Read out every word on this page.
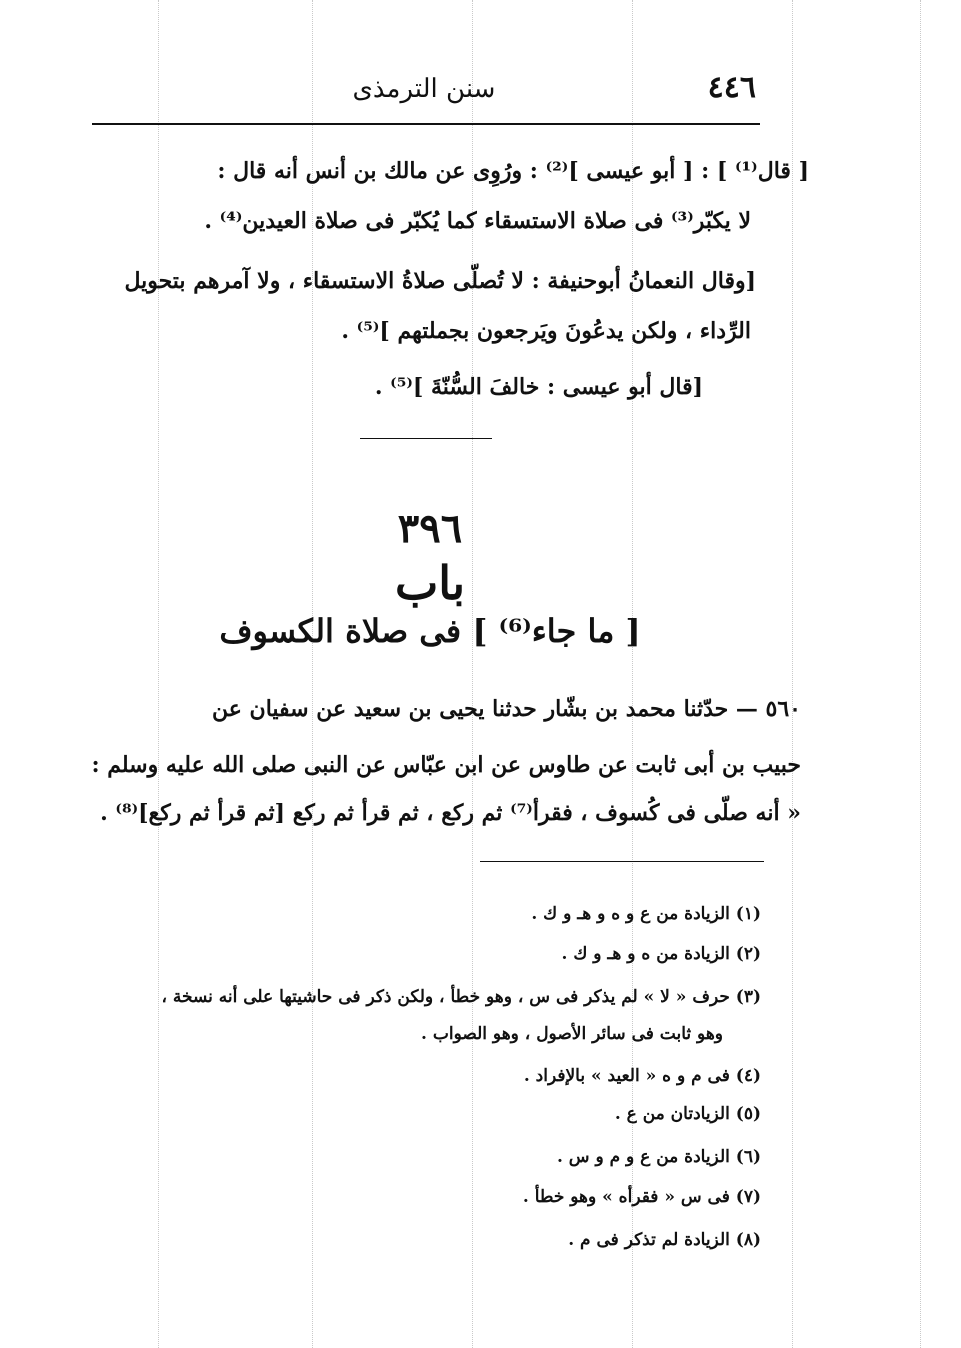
٤٤٦
سنن الترمذى
[ قال⁽¹⁾ ] : [ أبو عيسى ]⁽²⁾ : ورُوِى عن مالك بن أنس أنه قال :
لا يكبّر⁽³⁾ فى صلاة الاستسقاء كما يُكبّر فى صلاة العيدين⁽⁴⁾ .
[وقال النعمانُ أبوحنيفة : لا تُصلّى صلاةُ الاستسقاء ، ولا آمرهم بتحويل
الرِّداء ، ولكن يدعُونَ ويَرجعون بجملتهم ]⁽⁵⁾ .
[قال أبو عيسى : خالفَ السُّنّةَ ]⁽⁵⁾ .
٣٩٦
باب
[ ما جاء⁽⁶⁾ ] فى صلاة الكسوف
٥٦٠ — حدّثنا محمد بن بشّار حدثنا يحيى بن سعيد عن سفيان عن
حبيب بن أبى ثابت عن طاوس عن ابن عبّاس عن النبى صلى الله عليه وسلم :
« أنه صلّى فى كُسوف ، فقرأ⁽⁷⁾ ثم ركع ، ثم قرأ ثم ركع [ثم قرأ ثم ركع]⁽⁸⁾ .
(١) الزيادة من ع و ه و هـ و ك .
(٢) الزيادة من ه و هـ و ك .
(٣) حرف « لا » لم يذكر فى س ، وهو خطأ ، ولكن ذكر فى حاشيتها على أنه نسخة ،
وهو ثابت فى سائر الأصول ، وهو الصواب .
(٤) فى م و ه « العيد » بالإفراد .
(٥) الزيادتان من ع .
(٦) الزيادة من ع و م و س .
(٧) فى س « فقرأه » وهو خطأ .
(٨) الزيادة لم تذكر فى م .
